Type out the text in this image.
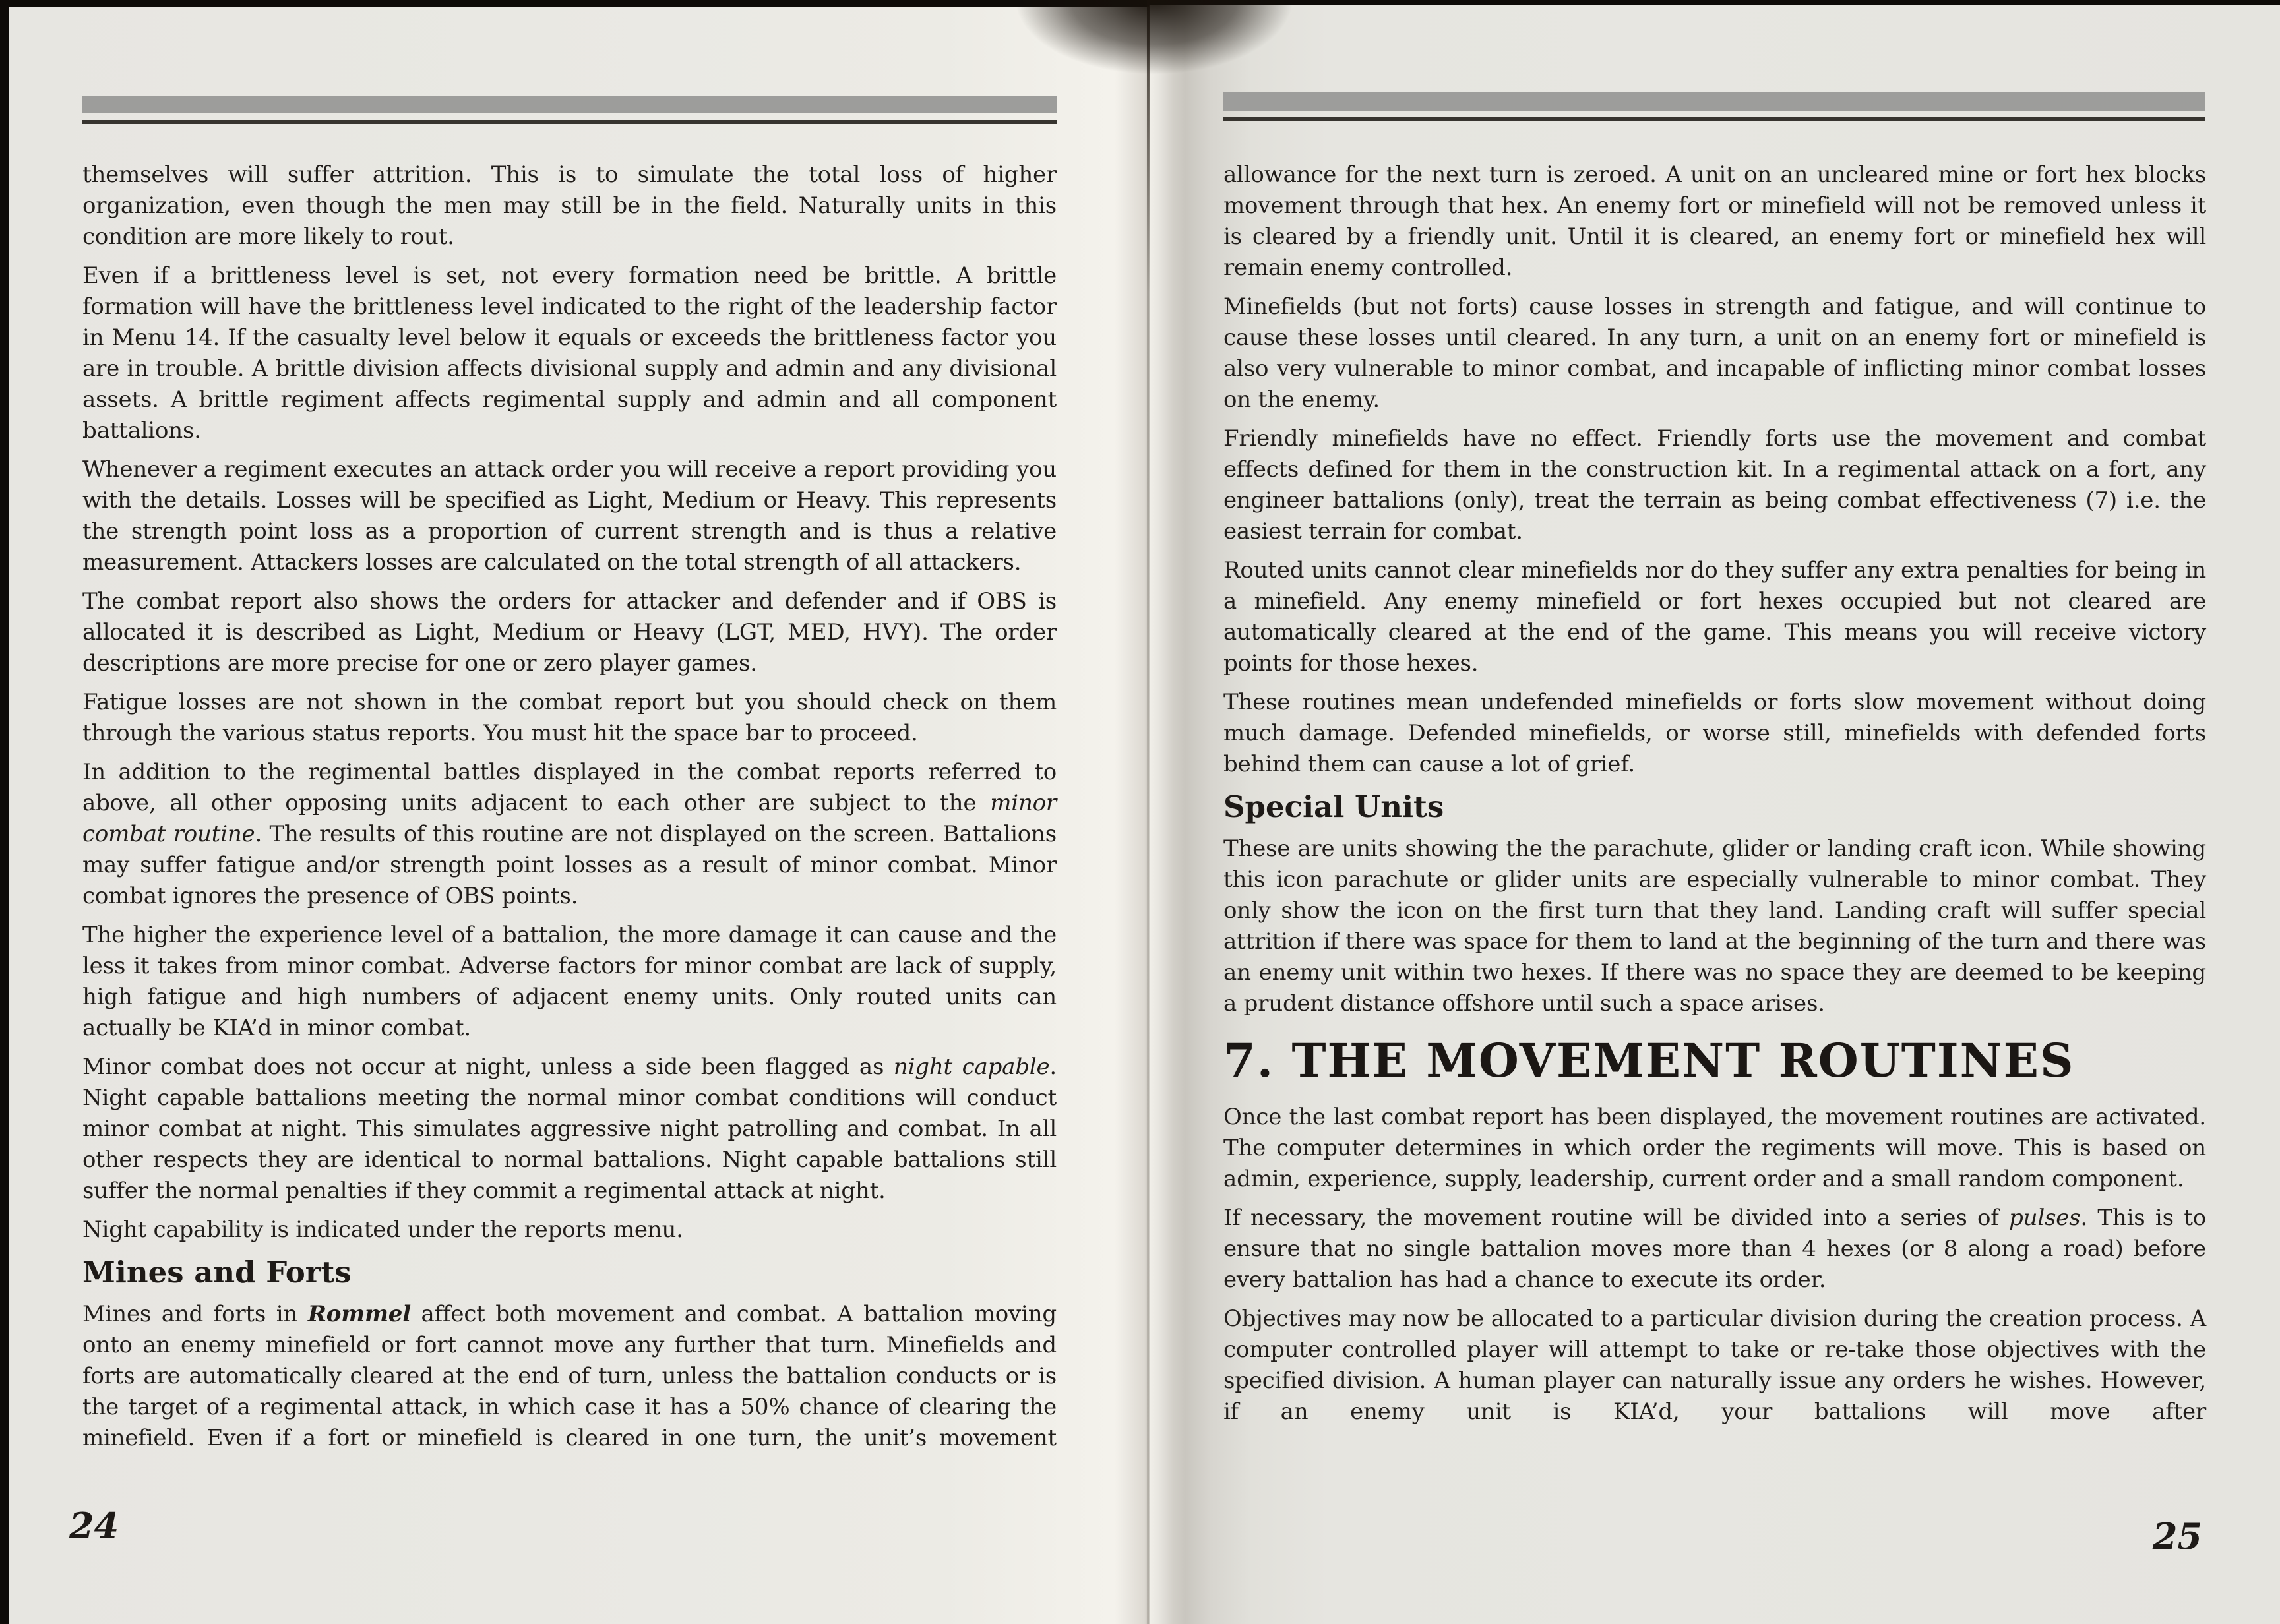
themselves will suffer attrition. This is to simulate the total loss of higher organization, even though the men may still be in the field. Naturally units in this condition are more likely to rout.

Even if a brittleness level is set, not every formation need be brittle. A brittle formation will have the brittleness level indicated to the right of the leadership factor in Menu 14. If the casualty level below it equals or exceeds the brittleness factor you are in trouble. A brittle division affects divisional supply and admin and any divisional assets. A brittle regiment affects regimental supply and admin and all component battalions.

Whenever a regiment executes an attack order you will receive a report providing you with the details. Losses will be specified as Light, Medium or Heavy. This represents the strength point loss as a proportion of current strength and is thus a relative measurement. Attackers losses are calculated on the total strength of all attackers.

The combat report also shows the orders for attacker and defender and if OBS is allocated it is described as Light, Medium or Heavy (LGT, MED, HVY). The order descriptions are more precise for one or zero player games.

Fatigue losses are not shown in the combat report but you should check on them through the various status reports. You must hit the space bar to proceed.

In addition to the regimental battles displayed in the combat reports referred to above, all other opposing units adjacent to each other are subject to the minor combat routine. The results of this routine are not displayed on the screen. Battalions may suffer fatigue and/or strength point losses as a result of minor combat. Minor combat ignores the presence of OBS points.

The higher the experience level of a battalion, the more damage it can cause and the less it takes from minor combat. Adverse factors for minor combat are lack of supply, high fatigue and high numbers of adjacent enemy units. Only routed units can actually be KIA’d in minor combat.

Minor combat does not occur at night, unless a side been flagged as night capable. Night capable battalions meeting the normal minor combat conditions will conduct minor combat at night. This simulates aggressive night patrolling and combat. In all other respects they are identical to normal battalions. Night capable battalions still suffer the normal penalties if they commit a regimental attack at night.

Night capability is indicated under the reports menu.

Mines and Forts

Mines and forts in Rommel affect both movement and combat. A battalion moving onto an enemy minefield or fort cannot move any further that turn. Minefields and forts are automatically cleared at the end of turn, unless the battalion conducts or is the target of a regimental attack, in which case it has a 50% chance of clearing the minefield. Even if a fort or minefield is cleared in one turn, the unit’s movement

24

allowance for the next turn is zeroed. A unit on an uncleared mine or fort hex blocks movement through that hex. An enemy fort or minefield will not be removed unless it is cleared by a friendly unit. Until it is cleared, an enemy fort or minefield hex will remain enemy controlled.

Minefields (but not forts) cause losses in strength and fatigue, and will continue to cause these losses until cleared. In any turn, a unit on an enemy fort or minefield is also very vulnerable to minor combat, and incapable of inflicting minor combat losses on the enemy.

Friendly minefields have no effect. Friendly forts use the movement and combat effects defined for them in the construction kit. In a regimental attack on a fort, any engineer battalions (only), treat the terrain as being combat effectiveness (7) i.e. the easiest terrain for combat.

Routed units cannot clear minefields nor do they suffer any extra penalties for being in a minefield. Any enemy minefield or fort hexes occupied but not cleared are automatically cleared at the end of the game. This means you will receive victory points for those hexes.

These routines mean undefended minefields or forts slow movement without doing much damage. Defended minefields, or worse still, minefields with defended forts behind them can cause a lot of grief.

Special Units

These are units showing the the parachute, glider or landing craft icon. While showing this icon parachute or glider units are especially vulnerable to minor combat. They only show the icon on the first turn that they land. Landing craft will suffer special attrition if there was space for them to land at the beginning of the turn and there was an enemy unit within two hexes. If there was no space they are deemed to be keeping a prudent distance offshore until such a space arises.

7. THE MOVEMENT ROUTINES

Once the last combat report has been displayed, the movement routines are activated. The computer determines in which order the regiments will move. This is based on admin, experience, supply, leadership, current order and a small random component.

If necessary, the movement routine will be divided into a series of pulses. This is to ensure that no single battalion moves more than 4 hexes (or 8 along a road) before every battalion has had a chance to execute its order.

Objectives may now be allocated to a particular division during the creation process. A computer controlled player will attempt to take or re-take those objectives with the specified division. A human player can naturally issue any orders he wishes. However, if an enemy unit is KIA’d, your battalions will move after

25
